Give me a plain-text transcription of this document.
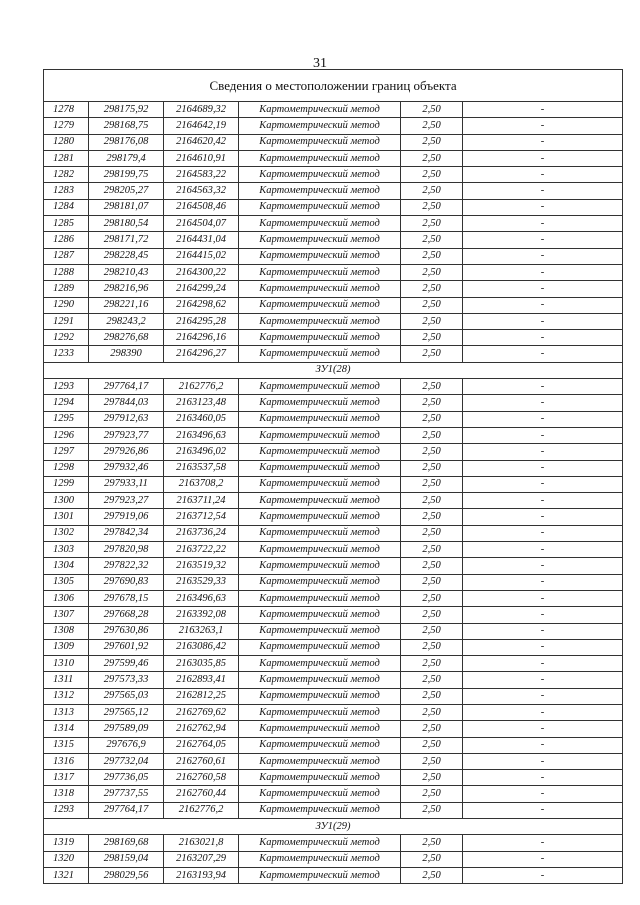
31
Сведения о местоположении границ объекта					
1278	298175,92	2164689,32	Картометрический метод	2,50	-
1279	298168,75	2164642,19	Картометрический метод	2,50	-
1280	298176,08	2164620,42	Картометрический метод	2,50	-
1281	298179,4	2164610,91	Картометрический метод	2,50	-
1282	298199,75	2164583,22	Картометрический метод	2,50	-
1283	298205,27	2164563,32	Картометрический метод	2,50	-
1284	298181,07	2164508,46	Картометрический метод	2,50	-
1285	298180,54	2164504,07	Картометрический метод	2,50	-
1286	298171,72	2164431,04	Картометрический метод	2,50	-
1287	298228,45	2164415,02	Картометрический метод	2,50	-
1288	298210,43	2164300,22	Картометрический метод	2,50	-
1289	298216,96	2164299,24	Картометрический метод	2,50	-
1290	298221,16	2164298,62	Картометрический метод	2,50	-
1291	298243,2	2164295,28	Картометрический метод	2,50	-
1292	298276,68	2164296,16	Картометрический метод	2,50	-
1233	298390	2164296,27	Картометрический метод	2,50	-
ЗУ1(28)					
1293	297764,17	2162776,2	Картометрический метод	2,50	-
1294	297844,03	2163123,48	Картометрический метод	2,50	-
1295	297912,63	2163460,05	Картометрический метод	2,50	-
1296	297923,77	2163496,63	Картометрический метод	2,50	-
1297	297926,86	2163496,02	Картометрический метод	2,50	-
1298	297932,46	2163537,58	Картометрический метод	2,50	-
1299	297933,11	2163708,2	Картометрический метод	2,50	-
1300	297923,27	2163711,24	Картометрический метод	2,50	-
1301	297919,06	2163712,54	Картометрический метод	2,50	-
1302	297842,34	2163736,24	Картометрический метод	2,50	-
1303	297820,98	2163722,22	Картометрический метод	2,50	-
1304	297822,32	2163519,32	Картометрический метод	2,50	-
1305	297690,83	2163529,33	Картометрический метод	2,50	-
1306	297678,15	2163496,63	Картометрический метод	2,50	-
1307	297668,28	2163392,08	Картометрический метод	2,50	-
1308	297630,86	2163263,1	Картометрический метод	2,50	-
1309	297601,92	2163086,42	Картометрический метод	2,50	-
1310	297599,46	2163035,85	Картометрический метод	2,50	-
1311	297573,33	2162893,41	Картометрический метод	2,50	-
1312	297565,03	2162812,25	Картометрический метод	2,50	-
1313	297565,12	2162769,62	Картометрический метод	2,50	-
1314	297589,09	2162762,94	Картометрический метод	2,50	-
1315	297676,9	2162764,05	Картометрический метод	2,50	-
1316	297732,04	2162760,61	Картометрический метод	2,50	-
1317	297736,05	2162760,58	Картометрический метод	2,50	-
1318	297737,55	2162760,44	Картометрический метод	2,50	-
1293	297764,17	2162776,2	Картометрический метод	2,50	-
ЗУ1(29)					
1319	298169,68	2163021,8	Картометрический метод	2,50	-
1320	298159,04	2163207,29	Картометрический метод	2,50	-
1321	298029,56	2163193,94	Картометрический метод	2,50	-
